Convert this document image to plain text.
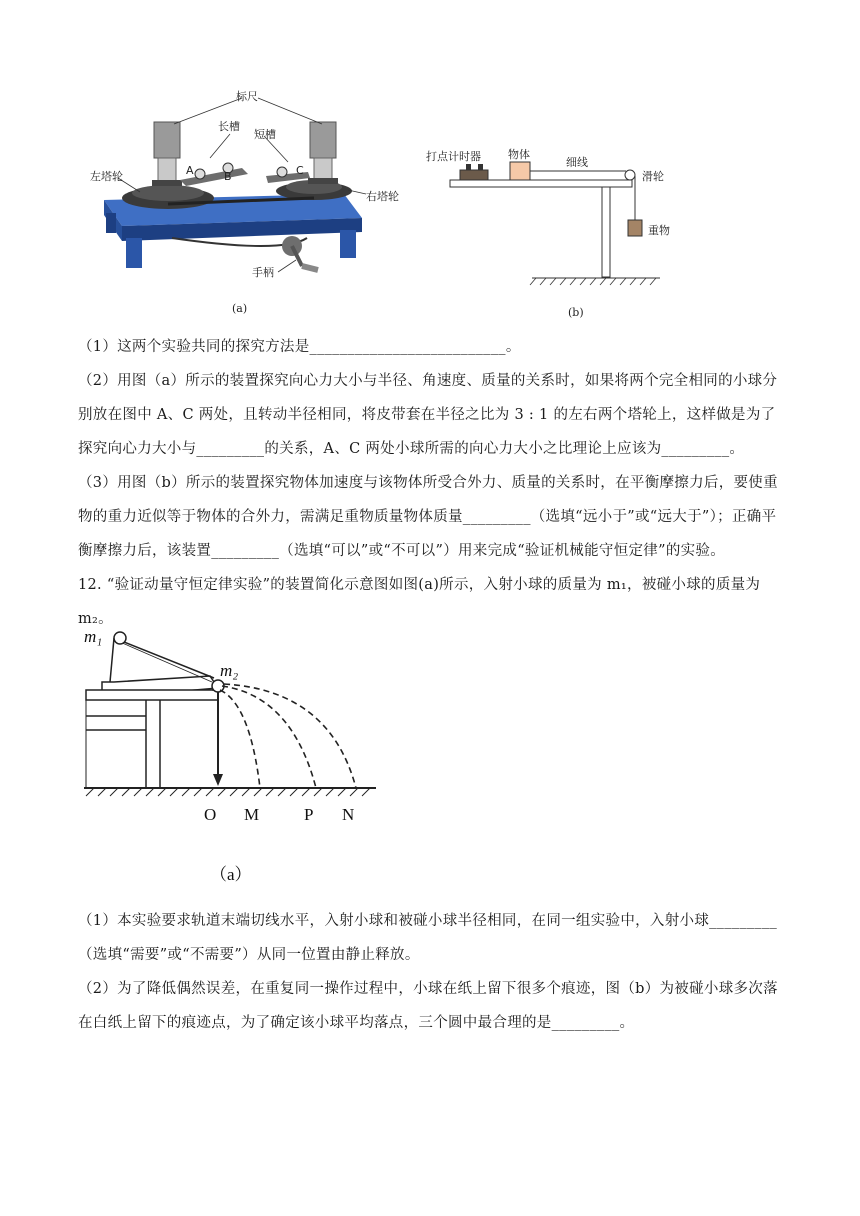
标尺
长槽
短槽
左塔轮
右塔轮
手柄
A	B	C
(a)
打点计时器 物体
细线
滑轮
重物
(b)
（1）这两个实验共同的探究方法是__________________________。
（2）用图（a）所示的装置探究向心力大小与半径、角速度、质量的关系时，如果将两个完全相同的小球分别放在图中 A、C 两处，且转动半径相同，将皮带套在半径之比为 3 : 1 的左右两个塔轮上，这样做是为了探究向心力大小与_________的关系，A、C 两处小球所需的向心力大小之比理论上应该为_________。
（3）用图（b）所示的装置探究物体加速度与该物体所受合外力、质量的关系时，在平衡摩擦力后，要使重物的重力近似等于物体的合外力，需满足重物质量物体质量_________（选填“远小于”或“远大于”）；正确平衡摩擦力后，该装置_________（选填“可以”或“不可以”）用来完成“验证机械能守恒定律”的实验。
12. “验证动量守恒定律实验”的装置简化示意图如图(a)所示，入射小球的质量为 m₁，被碰小球的质量为 m₂。
m₁
m₂
O M	P N
（a）
（1）本实验要求轨道末端切线水平，入射小球和被碰小球半径相同，在同一组实验中，入射小球_________（选填“需要”或“不需要”）从同一位置由静止释放。
（2）为了降低偶然误差，在重复同一操作过程中，小球在纸上留下很多个痕迹，图（b）为被碰小球多次落在白纸上留下的痕迹点，为了确定该小球平均落点，三个圆中最合理的是_________。
